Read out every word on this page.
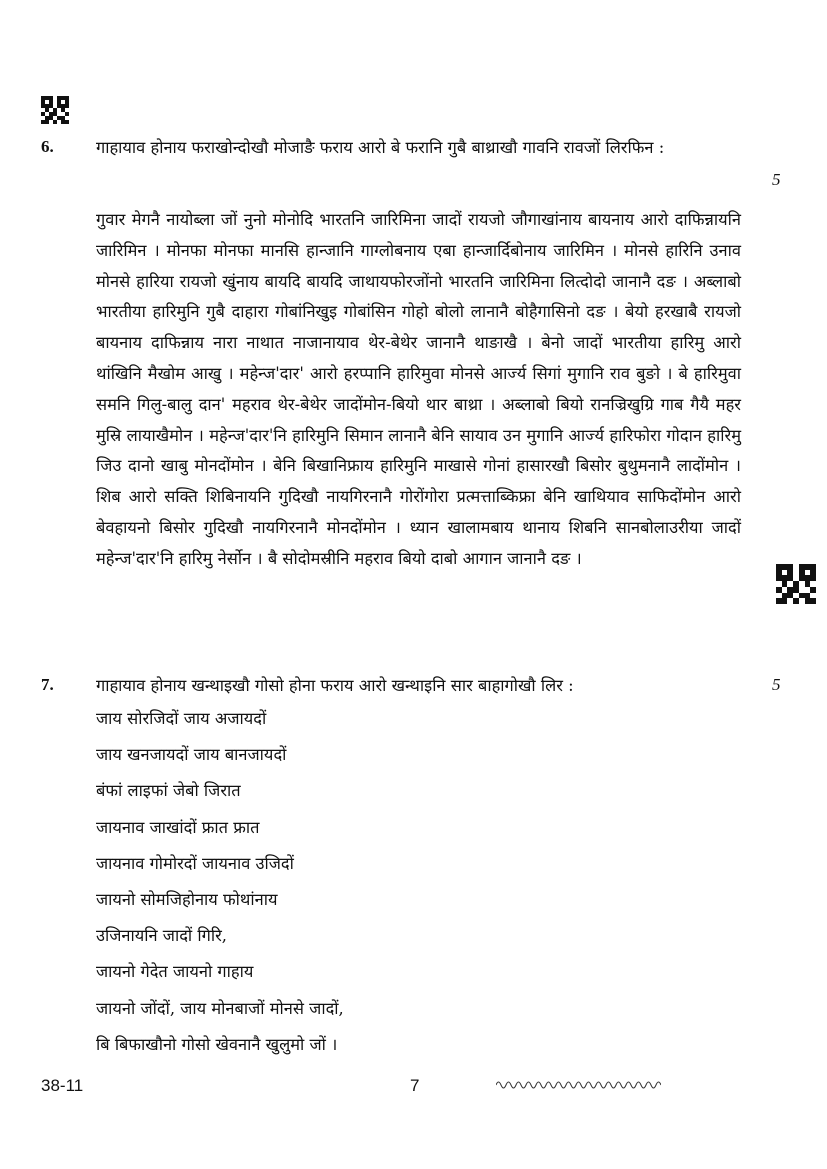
6.
5
गाहायाव होनाय फराखोन्दोखौ मोजाङै फराय आरो बे फरानि गुबै बाथ्राखौ गावनि रावजों लिरफिन :
गुवार मेगनै नायोब्ला जों नुनो मोनोदि भारतनि जारिमिना जादों रायजो जौगाखांनाय बायनाय आरो दाफिन्नायनि जारिमिन । मोनफा मोनफा मानसि हान्जानि गाग्लोबनाय एबा हान्जार्दिबोनाय जारिमिन । मोनसे हारिनि उनाव मोनसे हारिया रायजो खुंनाय बायदि बायदि जाथायफोरजोंनो भारतनि जारिमिना लित्दोदो जानानै दङ । अब्लाबो भारतीया हारिमुनि गुबै दाहारा गोबांनिखुइ गोबांसिन गोहो बोलो लानानै बोहैगासिनो दङ । बेयो हरखाबै रायजो बायनाय दाफिन्नाय नारा नाथात नाजानायाव थेर-बेथेर जानानै थाङाखै । बेनो जादों भारतीया हारिमु आरो थांखिनि मैखोम आखु । महेन्ज'दार' आरो हरप्पानि हारिमुवा मोनसे आर्ज्य सिगां मुगानि राव बुङो । बे हारिमुवा समनि गिलु-बालु दान' महराव थेर-बेथेर जादोंमोन-बियो थार बाथ्रा । अब्लाबो बियो रानज्रिखुग्रि गाब गैयै महर मुस्रि लायाखैमोन । महेन्ज'दार'नि हारिमुनि सिमान लानानै बेनि सायाव उन मुगानि आर्ज्य हारिफोरा गोदान हारिमु जिउ दानो खाबु मोनदोंमोन । बेनि बिखानिफ्राय हारिमुनि माखासे गोनां हासारखौ बिसोर बुथुमनानै लादोंमोन । शिब आरो सक्ति शिबिनायनि गुदिखौ नायगिरनानै गोरोंगोरा प्रत्मत्ताब्किफ्रा बेनि खाथियाव साफिदोंमोन आरो बेवहायनो बिसोर गुदिखौ नायगिरनानै मोनदोंमोन । ध्यान खालामबाय थानाय शिबनि सानबोलाउरीया जादों महेन्ज'दार'नि हारिमु नेर्सोन । बै सोदोमस्रीनि महराव बियो दाबो आगान जानानै दङ ।
7.	5
गाहायाव होनाय खन्थाइखौ गोसो होना फराय आरो खन्थाइनि सार बाहागोखौ लिर :
जाय सोरजिदों जाय अजायदों
जाय खनजायदों जाय बानजायदों
बंफां लाइफां जेबो जिरात
जायनाव जाखांदों फ्रात फ्रात
जायनाव गोमोरदों जायनाव उजिदों
जायनो सोमजिहोनाय फोथांनाय
उजिनायनि जादों गिरि,
जायनो गेदेत जायनो गाहाय
जायनो जोंदों, जाय मोनबाजों मोनसे जादों,
बि बिफाखौनो गोसो खेवनानै खुलुमो जों ।
38-11	7
